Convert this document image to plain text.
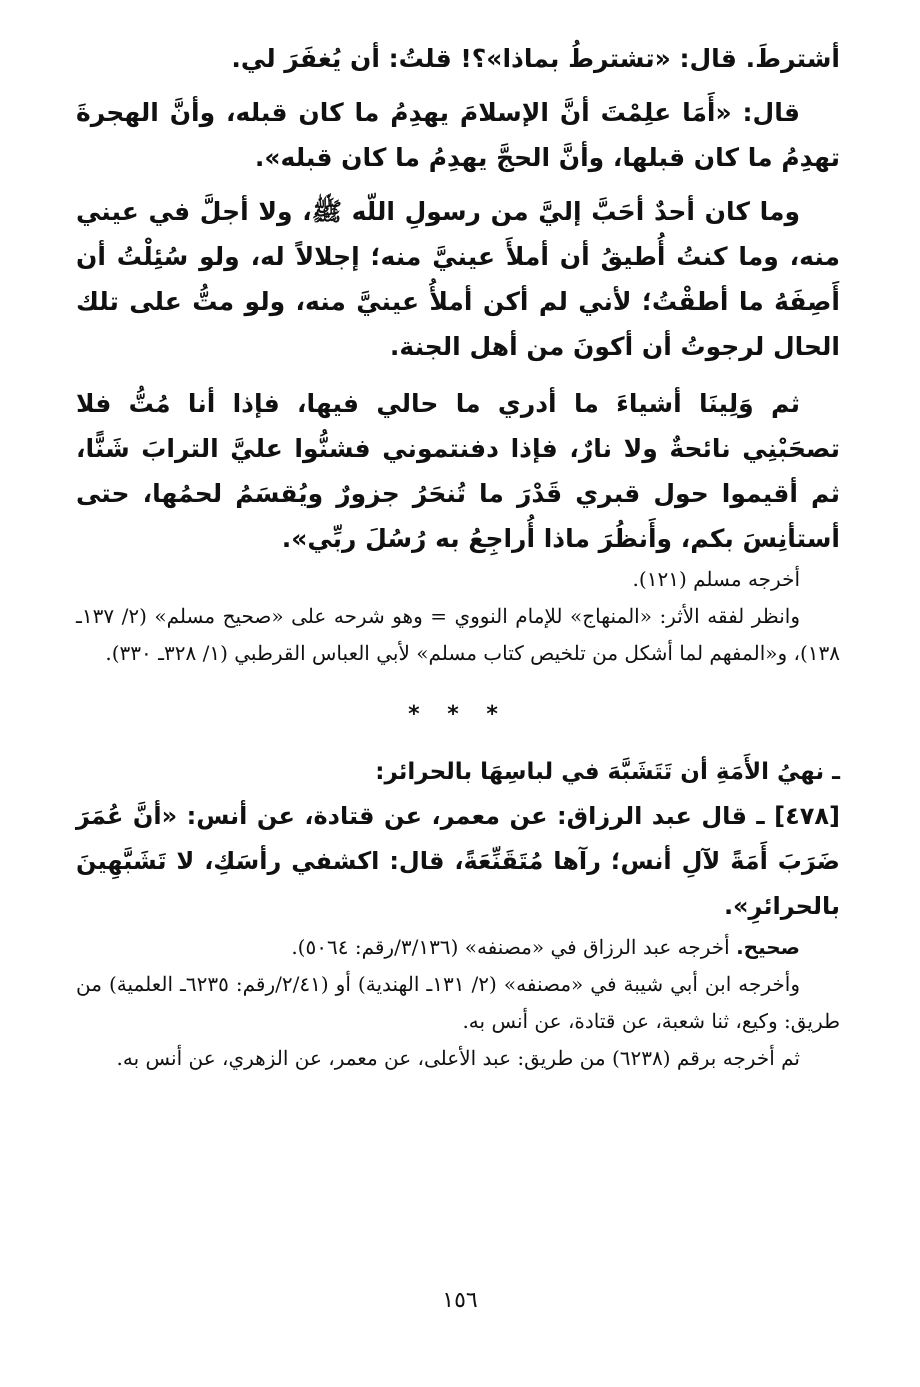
أشترطَ. قال: «تشترطُ بماذا»؟! قلتُ: أن يُغفَرَ لي.

قال: «أَمَا علِمْتَ أنَّ الإسلامَ يهدِمُ ما كان قبله، وأنَّ الهجرةَ تهدِمُ ما كان قبلها، وأنَّ الحجَّ يهدِمُ ما كان قبله».

وما كان أحدٌ أحَبَّ إليَّ من رسولِ اللّه ﷺ، ولا أجلَّ في عيني منه، وما كنتُ أُطيقُ أن أملأَ عينيَّ منه؛ إجلالاً له، ولو سُئِلْتُ أن أَصِفَهُ ما أطقْتُ؛ لأني لم أكن أملأُ عينيَّ منه، ولو متُّ على تلك الحال لرجوتُ أن أكونَ من أهل الجنة.

ثم وَلِينَا أشياءَ ما أدري ما حالي فيها، فإذا أنا مُتُّ فلا تصحَبْنِي نائحةٌ ولا نارٌ، فإذا دفنتموني فشنُّوا عليَّ الترابَ شَنًّا، ثم أقيموا حول قبري قَدْرَ ما تُنحَرُ جزورٌ ويُقسَمُ لحمُها، حتى أستأنِسَ بكم، وأَنظُرَ ماذا أُراجِعُ به رُسُلَ ربِّي».

أخرجه مسلم (١٢١).

وانظر لفقه الأثر: «المنهاج» للإمام النووي = وهو شرحه على «صحيح مسلم» (٢/ ١٣٧ـ ١٣٨)، و«المفهم لما أشكل من تلخيص كتاب مسلم» لأبي العباس القرطبي (١/ ٣٢٨ـ ٣٣٠).

* * *

ـ نهيُ الأَمَةِ أن تَتَشَبَّهَ في لباسِهَا بالحرائر:

[٤٧٨] ـ قال عبد الرزاق: عن معمر، عن قتادة، عن أنس: «أنَّ عُمَرَ ضَرَبَ أَمَةً لآلِ أنس؛ رآها مُتَقَنِّعَةً، قال: اكشفي رأسَكِ، لا تَشَبَّهِينَ بالحرائرِ».

صحيح. أخرجه عبد الرزاق في «مصنفه» (٣/١٣٦/رقم: ٥٠٦٤).

وأخرجه ابن أبي شيبة في «مصنفه» (٢/ ١٣١ـ الهندية) أو (٢/٤١/رقم: ٦٢٣٥ـ العلمية) من طريق: وكيع، ثنا شعبة، عن قتادة، عن أنس به.

ثم أخرجه برقم (٦٢٣٨) من طريق: عبد الأعلى، عن معمر، عن الزهري، عن أنس به.

١٥٦
